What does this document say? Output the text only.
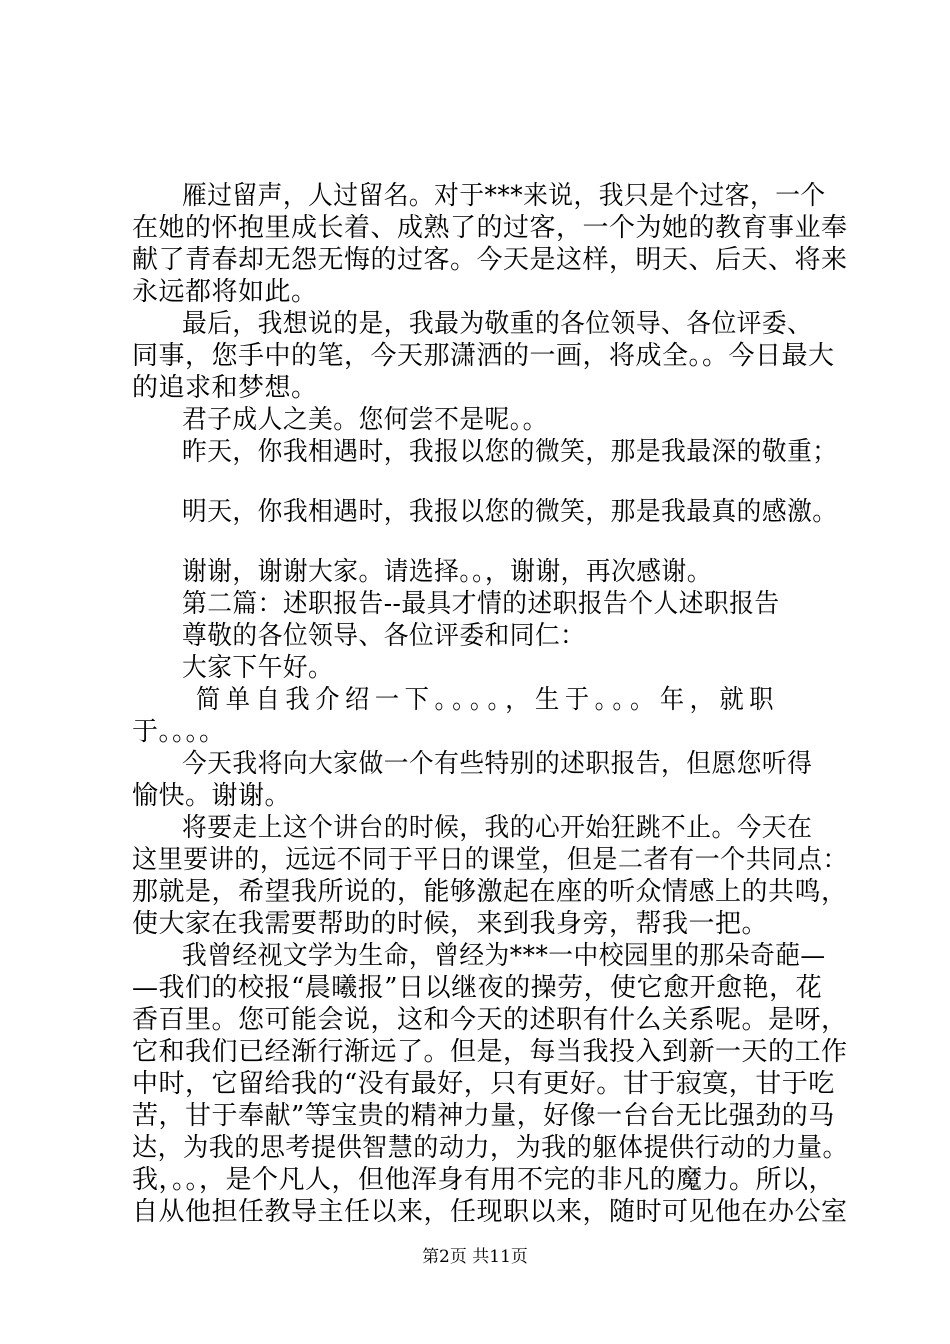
雁过留声，人过留名。对于***来说，我只是个过客，一个
在她的怀抱里成长着、成熟了的过客，一个为她的教育事业奉
献了青春却无怨无悔的过客。今天是这样，明天、后天、将来
永远都将如此。
最后，我想说的是，我最为敬重的各位领导、各位评委、
同事，您手中的笔，今天那潇洒的一画，将成全。。今日最大
的追求和梦想。
君子成人之美。您何尝不是呢。。
昨天，你我相遇时，我报以您的微笑，那是我最深的敬重；
明天，你我相遇时，我报以您的微笑，那是我最真的感激。
谢谢，谢谢大家。请选择。。，谢谢，再次感谢。
第二篇：述职报告--最具才情的述职报告个人述职报告
尊敬的各位领导、各位评委和同仁：
大家下午好。
简单自我介绍一下。。。。，生于。。。年，就职
于。。。。
今天我将向大家做一个有些特别的述职报告，但愿您听得
愉快。谢谢。
将要走上这个讲台的时候，我的心开始狂跳不止。今天在
这里要讲的，远远不同于平日的课堂，但是二者有一个共同点：
那就是，希望我所说的，能够激起在座的听众情感上的共鸣，
使大家在我需要帮助的时候，来到我身旁，帮我一把。
我曾经视文学为生命，曾经为***一中校园里的那朵奇葩—
—我们的校报“晨曦报”日以继夜的操劳，使它愈开愈艳，花
香百里。您可能会说，这和今天的述职有什么关系呢。是呀，
它和我们已经渐行渐远了。但是，每当我投入到新一天的工作
中时，它留给我的“没有最好，只有更好。甘于寂寞，甘于吃
苦，甘于奉献”等宝贵的精神力量，好像一台台无比强劲的马
达，为我的思考提供智慧的动力，为我的躯体提供行动的力量。
我，。。，是个凡人，但他浑身有用不完的非凡的魔力。所以，
自从他担任教导主任以来，任现职以来，随时可见他在办公室
第2页 共11页
